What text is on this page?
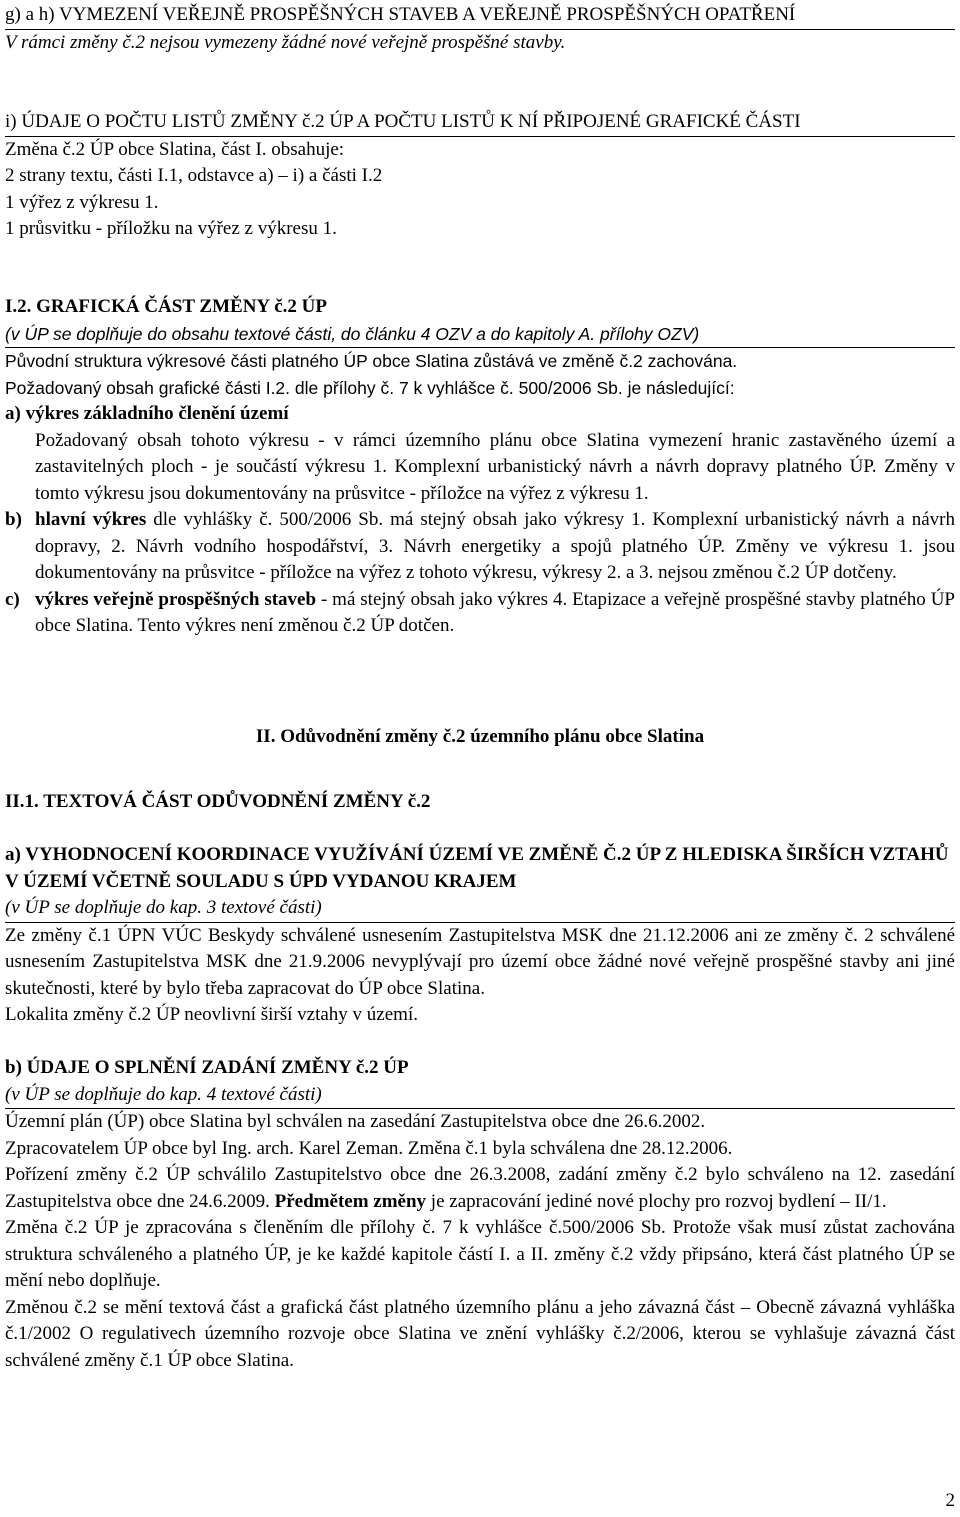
g) a h) VYMEZENÍ VEŘEJNĚ PROSPĚŠNÝCH STAVEB A VEŘEJNĚ PROSPĚŠNÝCH OPATŘENÍ
V rámci změny č.2 nejsou vymezeny žádné nové veřejně prospěšné stavby.
i) ÚDAJE O POČTU LISTŮ ZMĚNY č.2 ÚP A POČTU LISTŮ K NÍ PŘIPOJENÉ GRAFICKÉ ČÁSTI
Změna č.2 ÚP obce Slatina, část I. obsahuje:
2 strany textu, části I.1, odstavce a) – i) a části I.2
1 výřez z výkresu 1.
1 průsvitku - příložku na výřez z výkresu 1.
I.2. GRAFICKÁ ČÁST ZMĚNY č.2 ÚP
(v ÚP se doplňuje do obsahu textové části, do článku 4 OZV a do kapitoly A. přílohy OZV)
Původní struktura výkresové části platného ÚP obce Slatina zůstává ve změně č.2 zachována.
Požadovaný obsah grafické části I.2. dle přílohy č. 7 k vyhlášce č. 500/2006 Sb. je následující:
a) výkres základního členění území
Požadovaný obsah tohoto výkresu - v rámci územního plánu obce Slatina vymezení hranic zastavěného území a zastavitelných ploch - je součástí výkresu 1. Komplexní urbanistický návrh a návrh dopravy platného ÚP. Změny v tomto výkresu jsou dokumentovány na průsvitce - příložce na výřez z výkresu 1.
b) hlavní výkres dle vyhlášky č. 500/2006 Sb. má stejný obsah jako výkresy 1. Komplexní urbanistický návrh a návrh dopravy, 2. Návrh vodního hospodářství, 3. Návrh energetiky a spojů platného ÚP. Změny ve výkresu 1. jsou dokumentovány na průsvitce - příložce na výřez z tohoto výkresu, výkresy 2. a 3. nejsou změnou č.2 ÚP dotčeny.
c) výkres veřejně prospěšných staveb - má stejný obsah jako výkres 4. Etapizace a veřejně prospěšné stavby platného ÚP obce Slatina. Tento výkres není změnou č.2 ÚP dotčen.
II. Odůvodnění změny č.2 územního plánu obce Slatina
II.1. TEXTOVÁ ČÁST ODŮVODNĚNÍ ZMĚNY č.2
a) VYHODNOCENÍ KOORDINACE VYUŽÍVÁNÍ ÚZEMÍ VE ZMĚNĚ Č.2 ÚP Z HLEDISKA ŠIRŠÍCH VZTAHŮ V ÚZEMÍ VČETNĚ SOULADU S ÚPD VYDANOU KRAJEM
(v ÚP se doplňuje do kap. 3 textové části)
Ze změny č.1 ÚPN VÚC Beskydy schválené usnesením Zastupitelstva MSK dne 21.12.2006 ani ze změny č. 2 schválené usnesením Zastupitelstva MSK dne 21.9.2006 nevyplývají pro území obce žádné nové veřejně prospěšné stavby ani jiné skutečnosti, které by bylo třeba zapracovat do ÚP obce Slatina.
Lokalita změny č.2 ÚP neovlivní širší vztahy v území.
b) ÚDAJE O SPLNĚNÍ ZADÁNÍ ZMĚNY č.2 ÚP
(v ÚP se doplňuje do kap. 4 textové části)
Územní plán (ÚP) obce Slatina byl schválen na zasedání Zastupitelstva obce dne 26.6.2002.
Zpracovatelem ÚP obce byl Ing. arch. Karel Zeman. Změna č.1 byla schválena dne 28.12.2006.
Pořízení změny č.2 ÚP schválilo Zastupitelstvo obce dne 26.3.2008, zadání změny č.2 bylo schváleno na 12. zasedání Zastupitelstva obce dne 24.6.2009. Předmětem změny je zapracování jediné nové plochy pro rozvoj bydlení – II/1.
Změna č.2 ÚP je zpracována s členěním dle přílohy č. 7 k vyhlášce č.500/2006 Sb. Protože však musí zůstat zachována struktura schváleného a platného ÚP, je ke každé kapitole částí I. a II. změny č.2 vždy připsáno, která část platného ÚP se mění nebo doplňuje.
Změnou č.2 se mění textová část a grafická část platného územního plánu a jeho závazná část – Obecně závazná vyhláška č.1/2002 O regulativech územního rozvoje obce Slatina ve znění vyhlášky č.2/2006, kterou se vyhlašuje závazná část schválené změny č.1 ÚP obce Slatina.
2
